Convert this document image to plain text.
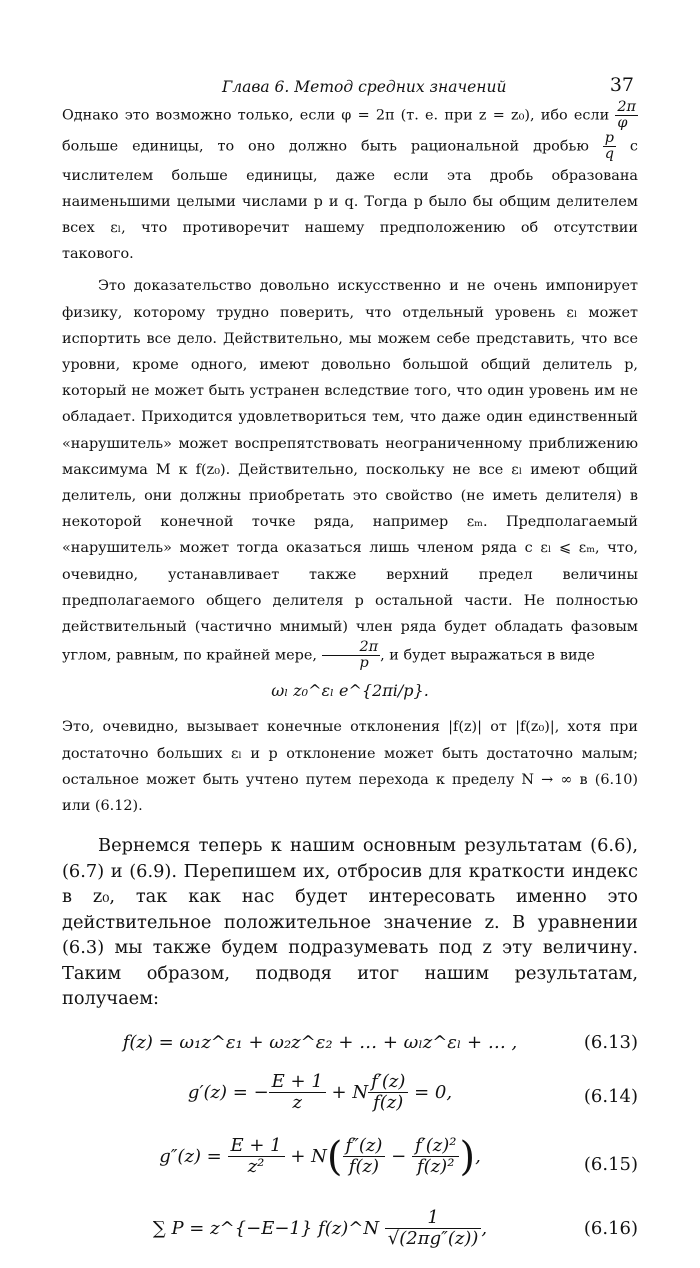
Глава 6. Метод средних значений	37

Однако это возможно только, если φ = 2π (т. е. при z = z₀), ибо если $\frac{2\pi}{\varphi}$
больше единицы, то оно должно быть рациональной дробью $\frac{p}{q}$ с числителем больше единицы, даже если эта дробь образована наименьшими целыми числами p и q. Тогда p было бы общим делителем всех εₗ, что противоречит нашему предположению об отсутствии такового.

Это доказательство довольно искусственно и не очень импонирует физику, которому трудно поверить, что отдельный уровень εₗ может испортить все дело. Действительно, мы можем себе представить, что все уровни, кроме одного, имеют довольно большой общий делитель p, который не может быть устранен вследствие того, что один уровень им не обладает. Приходится удовлетвориться тем, что даже один единственный «нарушитель» может воспрепятствовать неограниченному приближению максимума M к f(z₀). Действительно, поскольку не все εₗ имеют общий делитель, они должны приобретать это свойство (не иметь делителя) в некоторой конечной точке ряда, например εₘ. Предполагаемый «нарушитель» может тогда оказаться лишь членом ряда с εₗ ⩽ εₘ, что, очевидно, устанавливает также верхний предел величины предполагаемого общего делителя p остальной части. Не полностью действительный (частично мнимый) член ряда будет обладать фазовым углом, равным, по крайней мере, $\frac{2\pi}{p}$ , и будет выражаться в виде

ωₗ z₀^εₗ e^{2πi/p}.

Это, очевидно, вызывает конечные отклонения |f(z)| от |f(z₀)|, хотя при достаточно больших εₗ и p отклонение может быть достаточно малым; остальное может быть учтено путем перехода к пределу N → ∞ в (6.10) или (6.12).

Вернемся теперь к нашим основным результатам (6.6), (6.7) и (6.9). Перепишем их, отбросив для краткости индекс в z₀, так как нас будет интересовать именно это действительное положительное значение z. В уравнении (6.3) мы также будем подразумевать под z эту величину. Таким образом, подводя итог нашим результатам, получаем:

f(z) = ω₁z^ε₁ + ω₂z^ε₂ + … + ωₗz^εₗ + … ,	(6.13)
g′(z) = − $\frac{E + 1}{z} + N \frac{f'(z)}{f(z)} = 0$,	(6.14)
$g''(z) = \frac{E + 1}{\text{z²}} + N( \frac{f''(z)}{f(z)} - \frac{\text{f′(z)²}}{\text{f(z)²}}$ ),	(6.15)
∑ P = z^{−E−1} f(z)^N $\frac{1}{√(2\pi g''(z))}$ ,	(6.16)
